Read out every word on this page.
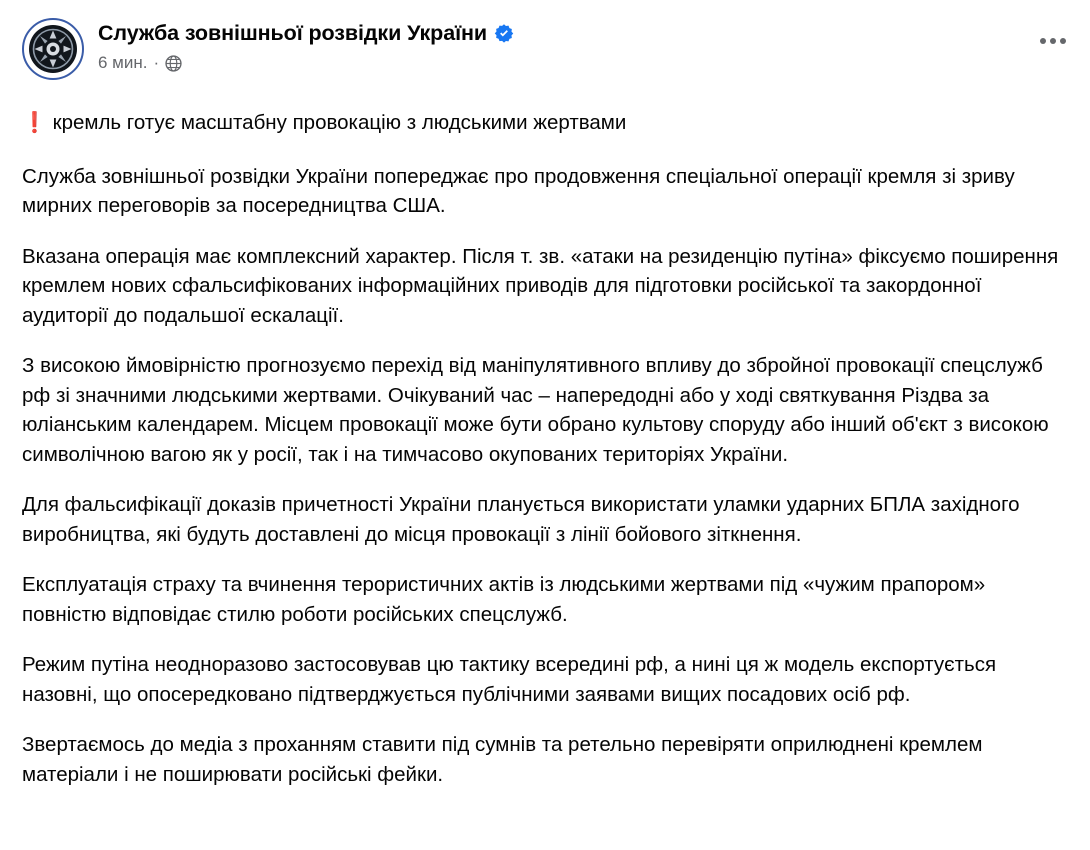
Служба зовнішньої розвідки України
6 мин. ·

❗ кремль готує масштабну провокацію з людськими жертвами

Служба зовнішньої розвідки України попереджає про продовження спеціальної операції кремля зі зриву мирних переговорів за посередництва США.

Вказана операція має комплексний характер. Після т. зв. «атаки на резиденцію путіна» фіксуємо поширення кремлем нових сфальсифікованих інформаційних приводів для підготовки російської та закордонної аудиторії до подальшої ескалації.

З високою ймовірністю прогнозуємо перехід від маніпулятивного впливу до збройної провокації спецслужб рф зі значними людськими жертвами. Очікуваний час – напередодні або у ході святкування Різдва за юліанським календарем. Місцем провокації може бути обрано культову споруду або інший об'єкт з високою символічною вагою як у росії, так і на тимчасово окупованих територіях України.

Для фальсифікації доказів причетності України планується використати уламки ударних БПЛА західного виробництва, які будуть доставлені до місця провокації з лінії бойового зіткнення.

Експлуатація страху та вчинення терористичних актів із людськими жертвами під «чужим прапором» повністю відповідає стилю роботи російських спецслужб.

Режим путіна неодноразово застосовував цю тактику всередині рф, а нині ця ж модель експортується назовні, що опосередковано підтверджується публічними заявами вищих посадових осіб рф.

Звертаємось до медіа з проханням ставити під сумнів та ретельно перевіряти оприлюднені кремлем матеріали і не поширювати російські фейки.
